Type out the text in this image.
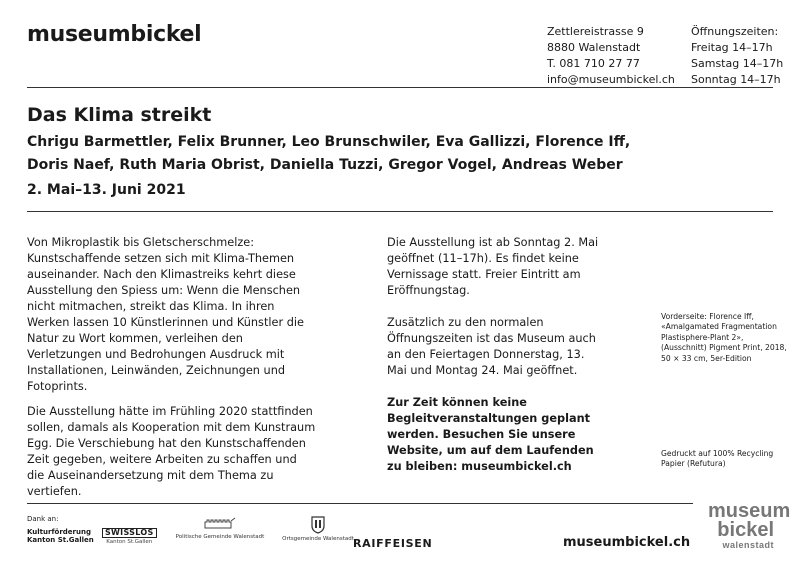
museumbickel	Zettlereistrasse 9
8880 Walenstadt
T. 081 710 27 77
info@museumbickel.ch
Öffnungszeiten:
Freitag 14–17h
Samstag 14–17h
Sonntag 14–17h
Das Klima streikt
Chrigu Barmettler, Felix Brunner, Leo Brunschwiler, Eva Gallizzi, Florence Iff,
Doris Naef, Ruth Maria Obrist, Daniella Tuzzi, Gregor Vogel, Andreas Weber
2. Mai–13. Juni 2021

Von Mikroplastik bis Gletscherschmelze: Kunstschaffende setzen sich mit Klima-Themen auseinander. Nach den Klimastreiks kehrt diese Ausstellung den Spiess um: Wenn die Menschen nicht mitmachen, streikt das Klima. In ihren Werken lassen 10 Künstlerinnen und Künstler die Natur zu Wort kommen, verleihen den Verletzungen und Bedrohungen Ausdruck mit Installationen, Leinwänden, Zeichnungen und Fotoprints.

Die Ausstellung hätte im Frühling 2020 stattfinden sollen, damals als Kooperation mit dem Kunstraum Egg. Die Verschiebung hat den Kunstschaffenden Zeit gegeben, weitere Arbeiten zu schaffen und die Auseinandersetzung mit dem Thema zu vertiefen.

Die Ausstellung ist ab Sonntag 2. Mai geöffnet (11–17h). Es findet keine Vernissage statt. Freier Eintritt am Eröffnungstag.

Zusätzlich zu den normalen Öffnungszeiten ist das Museum auch an den Feiertagen Donnerstag, 13. Mai und Montag 24. Mai geöffnet.

Zur Zeit können keine Begleitveranstaltungen geplant werden. Besuchen Sie unsere Website, um auf dem Laufenden zu bleiben: museumbickel.ch

Vorderseite: Florence Iff, «Amalgamated Fragmentation Plastisphere-Plant 2», (Ausschnitt) Pigment Print, 2018, 50 × 33 cm, 5er-Edition
Gedruckt auf 100% Recycling Papier (Refutura)
Dank an:
Kulturförderung
Kanton St.Gallen
SWISSLOS
Kanton St.Gallen
Politische Gemeinde Walenstadt	Ortsgemeinde Walenstadt RAIFFEISEN	museumbickel.ch
museum
bickel
walenstadt
